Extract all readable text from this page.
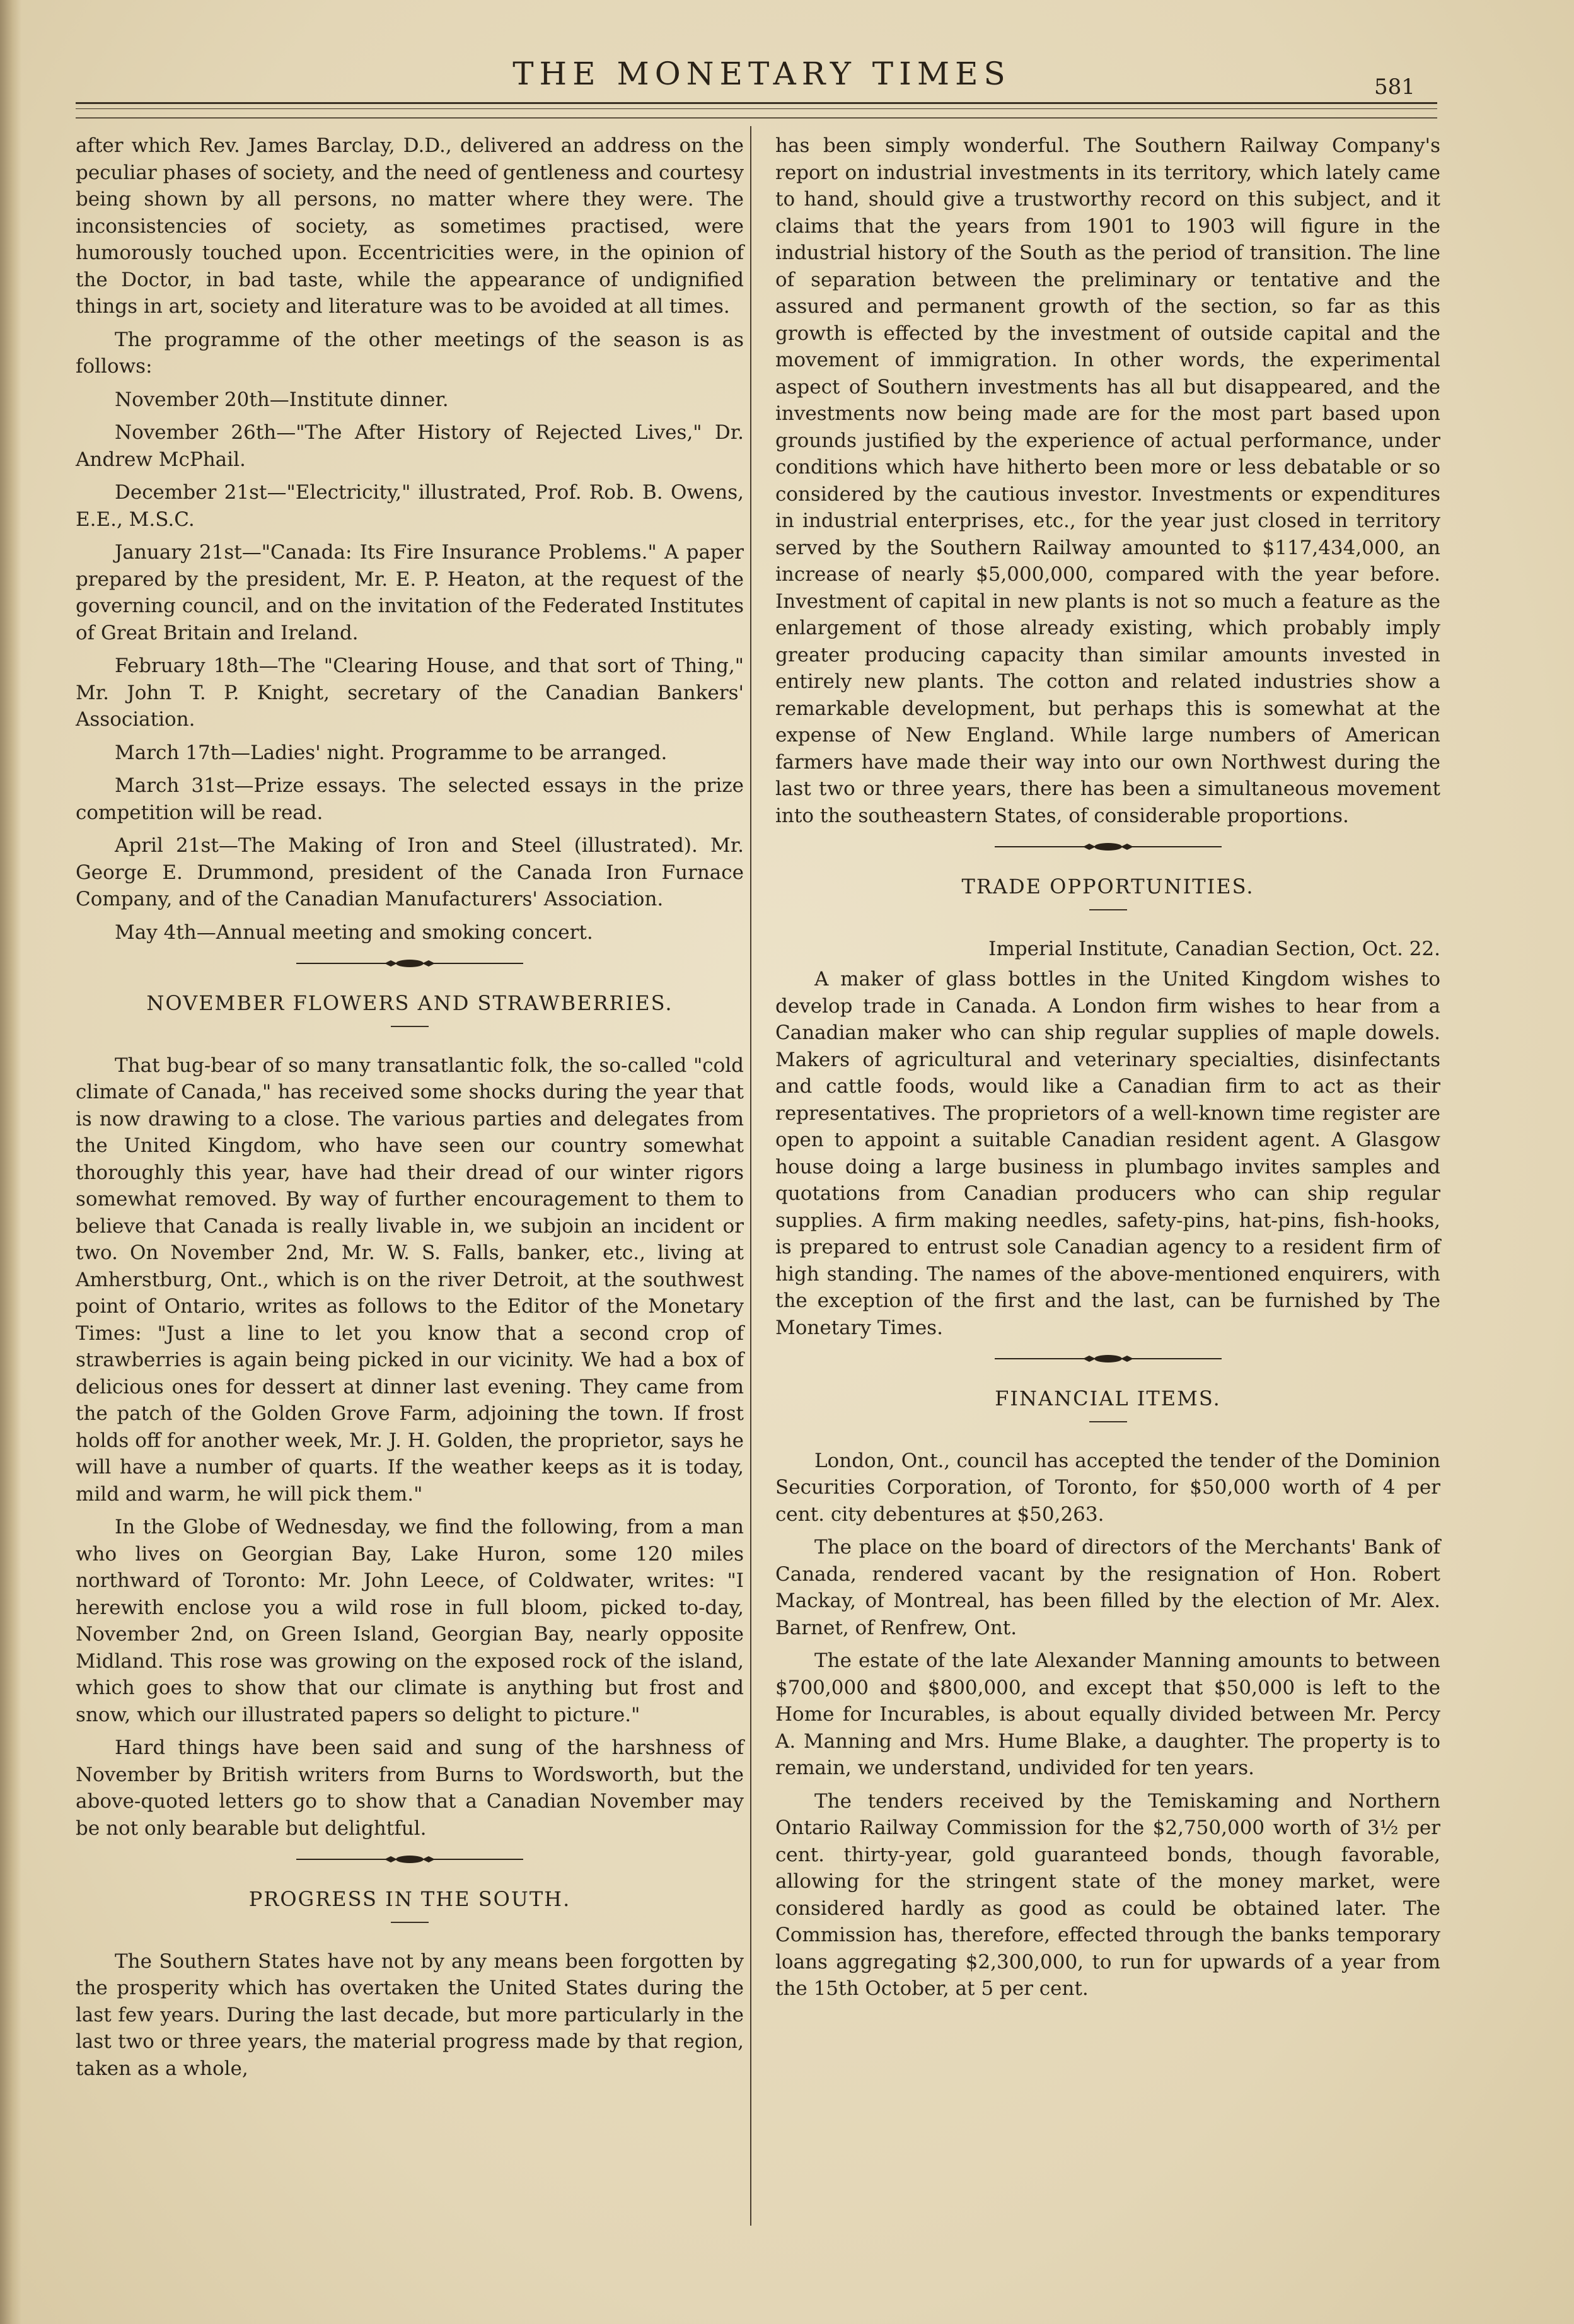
THE MONETARY TIMES	581

after which Rev. James Barclay, D.D., delivered an address on the peculiar phases of society, and the need of gentleness and courtesy being shown by all persons, no matter where they were. The inconsistencies of society, as sometimes practised, were humorously touched upon. Eccentricities were, in the opinion of the Doctor, in bad taste, while the appearance of undignified things in art, society and literature was to be avoided at all times.

The programme of the other meetings of the season is as follows:

November 20th—Institute dinner.

November 26th—"The After History of Rejected Lives," Dr. Andrew McPhail.

December 21st—"Electricity," illustrated, Prof. Rob. B. Owens, E.E., M.S.C.

January 21st—"Canada: Its Fire Insurance Problems." A paper prepared by the president, Mr. E. P. Heaton, at the request of the governing council, and on the invitation of the Federated Institutes of Great Britain and Ireland.

February 18th—The "Clearing House, and that sort of Thing," Mr. John T. P. Knight, secretary of the Canadian Bankers' Association.

March 17th—Ladies' night. Programme to be arranged.

March 31st—Prize essays. The selected essays in the prize competition will be read.

April 21st—The Making of Iron and Steel (illustrated). Mr. George E. Drummond, president of the Canada Iron Furnace Company, and of the Canadian Manufacturers' Association.

May 4th—Annual meeting and smoking concert.

NOVEMBER FLOWERS AND STRAWBERRIES.

That bug-bear of so many transatlantic folk, the so-called "cold climate of Canada," has received some shocks during the year that is now drawing to a close. The various parties and delegates from the United Kingdom, who have seen our country somewhat thoroughly this year, have had their dread of our winter rigors somewhat removed. By way of further encouragement to them to believe that Canada is really livable in, we subjoin an incident or two. On November 2nd, Mr. W. S. Falls, banker, etc., living at Amherstburg, Ont., which is on the river Detroit, at the southwest point of Ontario, writes as follows to the Editor of the Monetary Times: "Just a line to let you know that a second crop of strawberries is again being picked in our vicinity. We had a box of delicious ones for dessert at dinner last evening. They came from the patch of the Golden Grove Farm, adjoining the town. If frost holds off for another week, Mr. J. H. Golden, the proprietor, says he will have a number of quarts. If the weather keeps as it is today, mild and warm, he will pick them."

In the Globe of Wednesday, we find the following, from a man who lives on Georgian Bay, Lake Huron, some 120 miles northward of Toronto: Mr. John Leece, of Coldwater, writes: "I herewith enclose you a wild rose in full bloom, picked to-day, November 2nd, on Green Island, Georgian Bay, nearly opposite Midland. This rose was growing on the exposed rock of the island, which goes to show that our climate is anything but frost and snow, which our illustrated papers so delight to picture."

Hard things have been said and sung of the harshness of November by British writers from Burns to Wordsworth, but the above-quoted letters go to show that a Canadian November may be not only bearable but delightful.

PROGRESS IN THE SOUTH.

The Southern States have not by any means been forgotten by the prosperity which has overtaken the United States during the last few years. During the last decade, but more particularly in the last two or three years, the material progress made by that region, taken as a whole,

has been simply wonderful. The Southern Railway Company's report on industrial investments in its territory, which lately came to hand, should give a trustworthy record on this subject, and it claims that the years from 1901 to 1903 will figure in the industrial history of the South as the period of transition. The line of separation between the preliminary or tentative and the assured and permanent growth of the section, so far as this growth is effected by the investment of outside capital and the movement of immigration. In other words, the experimental aspect of Southern investments has all but disappeared, and the investments now being made are for the most part based upon grounds justified by the experience of actual performance, under conditions which have hitherto been more or less debatable or so considered by the cautious investor. Investments or expenditures in industrial enterprises, etc., for the year just closed in territory served by the Southern Railway amounted to $117,434,000, an increase of nearly $5,000,000, compared with the year before. Investment of capital in new plants is not so much a feature as the enlargement of those already existing, which probably imply greater producing capacity than similar amounts invested in entirely new plants. The cotton and related industries show a remarkable development, but perhaps this is somewhat at the expense of New England. While large numbers of American farmers have made their way into our own Northwest during the last two or three years, there has been a simultaneous movement into the southeastern States, of considerable proportions.

TRADE OPPORTUNITIES.
Imperial Institute, Canadian Section, Oct. 22.

A maker of glass bottles in the United Kingdom wishes to develop trade in Canada. A London firm wishes to hear from a Canadian maker who can ship regular supplies of maple dowels. Makers of agricultural and veterinary specialties, disinfectants and cattle foods, would like a Canadian firm to act as their representatives. The proprietors of a well-known time register are open to appoint a suitable Canadian resident agent. A Glasgow house doing a large business in plumbago invites samples and quotations from Canadian producers who can ship regular supplies. A firm making needles, safety-pins, hat-pins, fish-hooks, is prepared to entrust sole Canadian agency to a resident firm of high standing. The names of the above-mentioned enquirers, with the exception of the first and the last, can be furnished by The Monetary Times.

FINANCIAL ITEMS.

London, Ont., council has accepted the tender of the Dominion Securities Corporation, of Toronto, for $50,000 worth of 4 per cent. city debentures at $50,263.

The place on the board of directors of the Merchants' Bank of Canada, rendered vacant by the resignation of Hon. Robert Mackay, of Montreal, has been filled by the election of Mr. Alex. Barnet, of Renfrew, Ont.

The estate of the late Alexander Manning amounts to between $700,000 and $800,000, and except that $50,000 is left to the Home for Incurables, is about equally divided between Mr. Percy A. Manning and Mrs. Hume Blake, a daughter. The property is to remain, we understand, undivided for ten years.

The tenders received by the Temiskaming and Northern Ontario Railway Commission for the $2,750,000 worth of 3½ per cent. thirty-year, gold guaranteed bonds, though favorable, allowing for the stringent state of the money market, were considered hardly as good as could be obtained later. The Commission has, therefore, effected through the banks temporary loans aggregating $2,300,000, to run for upwards of a year from the 15th October, at 5 per cent.
